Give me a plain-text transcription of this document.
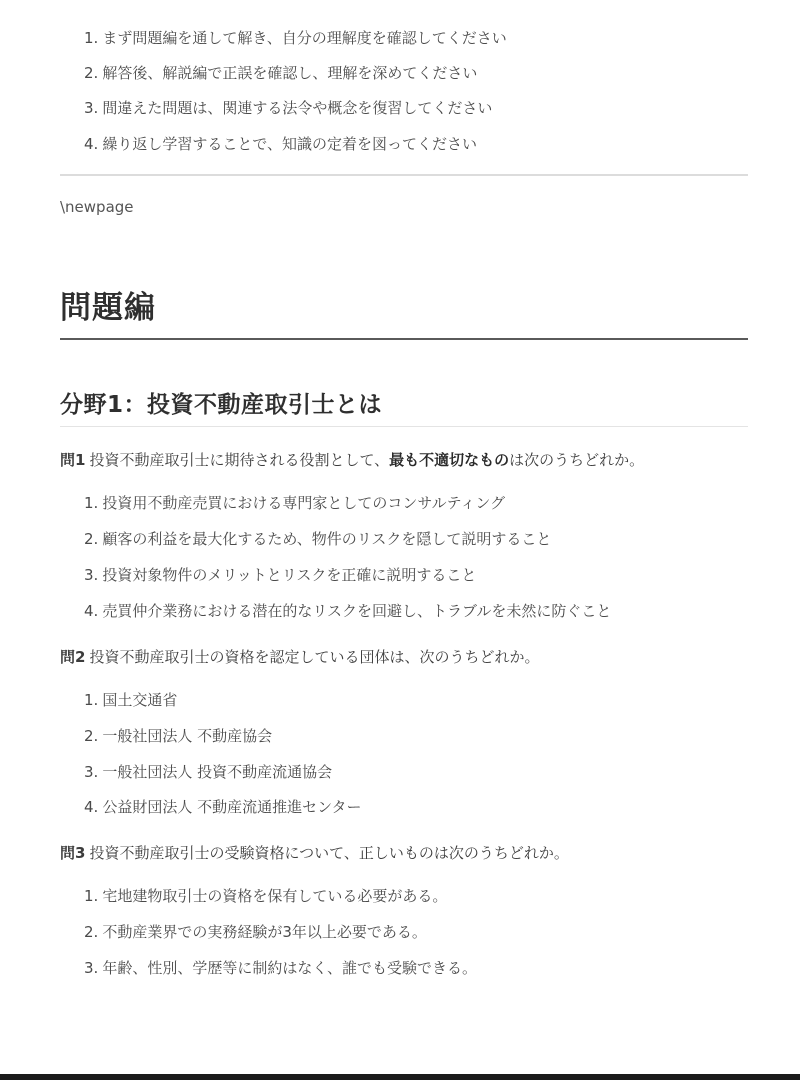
1. まず問題編を通して解き、自分の理解度を確認してください
2. 解答後、解説編で正誤を確認し、理解を深めてください
3. 間違えた問題は、関連する法令や概念を復習してください
4. 繰り返し学習することで、知識の定着を図ってください
\newpage
問題編
分野1：投資不動産取引士とは
問1 投資不動産取引士に期待される役割として、最も不適切なものは次のうちどれか。
1. 投資用不動産売買における専門家としてのコンサルティング
2. 顧客の利益を最大化するため、物件のリスクを隠して説明すること
3. 投資対象物件のメリットとリスクを正確に説明すること
4. 売買仲介業務における潜在的なリスクを回避し、トラブルを未然に防ぐこと
問2 投資不動産取引士の資格を認定している団体は、次のうちどれか。
1. 国土交通省
2. 一般社団法人 不動産協会
3. 一般社団法人 投資不動産流通協会
4. 公益財団法人 不動産流通推進センター
問3 投資不動産取引士の受験資格について、正しいものは次のうちどれか。
1. 宅地建物取引士の資格を保有している必要がある。
2. 不動産業界での実務経験が3年以上必要である。
3. 年齢、性別、学歴等に制約はなく、誰でも受験できる。
